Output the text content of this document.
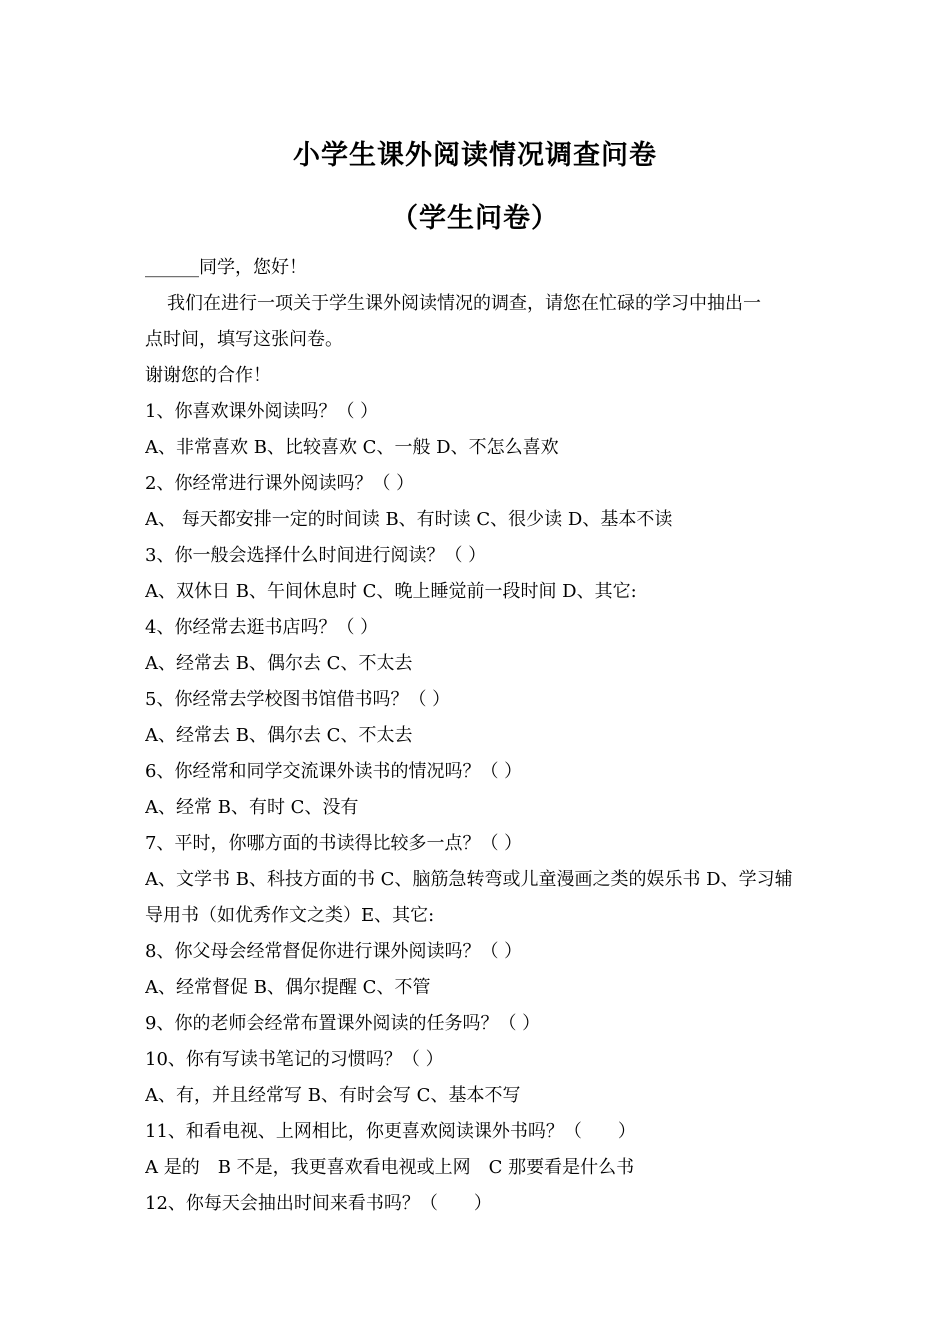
小学生课外阅读情况调查问卷
（学生问卷）
______同学，您好！
我们在进行一项关于学生课外阅读情况的调查，请您在忙碌的学习中抽出一
点时间，填写这张问卷。
谢谢您的合作！
1、你喜欢课外阅读吗？（ ）
A、非常喜欢 B、比较喜欢 C、一般 D、不怎么喜欢
2、你经常进行课外阅读吗？（ ）
A、 每天都安排一定的时间读 B、有时读 C、很少读 D、基本不读
3、你一般会选择什么时间进行阅读？（ ）
A、双休日 B、午间休息时 C、晚上睡觉前一段时间 D、其它:
4、你经常去逛书店吗？（ ）
A、经常去 B、偶尔去 C、不太去
5、你经常去学校图书馆借书吗？（ ）
A、经常去 B、偶尔去 C、不太去
6、你经常和同学交流课外读书的情况吗？（ ）
A、经常 B、有时 C、没有
7、平时，你哪方面的书读得比较多一点？（ ）
A、文学书 B、科技方面的书 C、脑筋急转弯或儿童漫画之类的娱乐书 D、学习辅
导用书（如优秀作文之类）E、其它:
8、你父母会经常督促你进行课外阅读吗？（ ）
A、经常督促 B、偶尔提醒 C、不管
9、你的老师会经常布置课外阅读的任务吗？（ ）
10、你有写读书笔记的习惯吗？（ ）
A、有，并且经常写 B、有时会写 C、基本不写
11、和看电视、上网相比，你更喜欢阅读课外书吗？（　　）
A 是的　B 不是，我更喜欢看电视或上网　C 那要看是什么书
12、你每天会抽出时间来看书吗？（　　）
